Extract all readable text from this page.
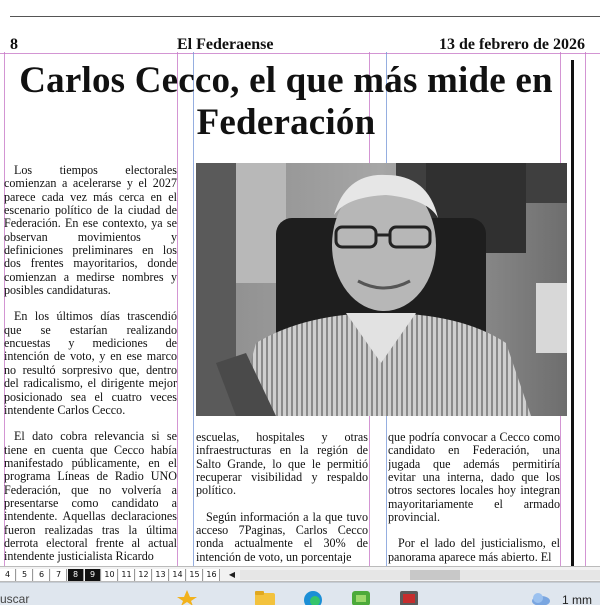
8	El Federaense	13 de febrero de 2026
Carlos Cecco, el que más mide en Federación

Los tiempos electorales comienzan a acelerarse y el 2027 parece cada vez más cerca en el escenario político de la ciudad de Federación. En ese contexto, ya se observan movimientos y definiciones preliminares en los dos frentes mayoritarios, donde comienzan a medirse nombres y posibles candidaturas.

En los últimos días trascendió que se estarían realizando encuestas y mediciones de intención de voto, y en ese marco no resultó sorpresivo que, dentro del radicalismo, el dirigente mejor posicionado sea el cuatro veces intendente Carlos Cecco.

El dato cobra relevancia si se tiene en cuenta que Cecco había manifestado públicamente, en el programa Líneas de Radio UNO Federación, que no volvería a presentarse como candidato a intendente. Aquellas declaraciones fueron realizadas tras la última derrota electoral frente al actual intendente justicialista Ricardo

escuelas, hospitales y otras infraestructuras en la región de Salto Grande, lo que le permitió recuperar visibilidad y respaldo político.

Según información a la que tuvo acceso 7Paginas, Carlos Cecco ronda actualmente el 30% de intención de voto, un porcentaje

que podría convocar a Cecco como candidato en Federación, una jugada que además permitiría evitar una interna, dado que los otros sectores locales hoy integran mayoritariamente el armado provincial.

Por el lado del justicialismo, el panorama aparece más abierto. El

4	5	6	7	8	9	10 11 12 13 14 15 16	◀
uscar	1 mm
